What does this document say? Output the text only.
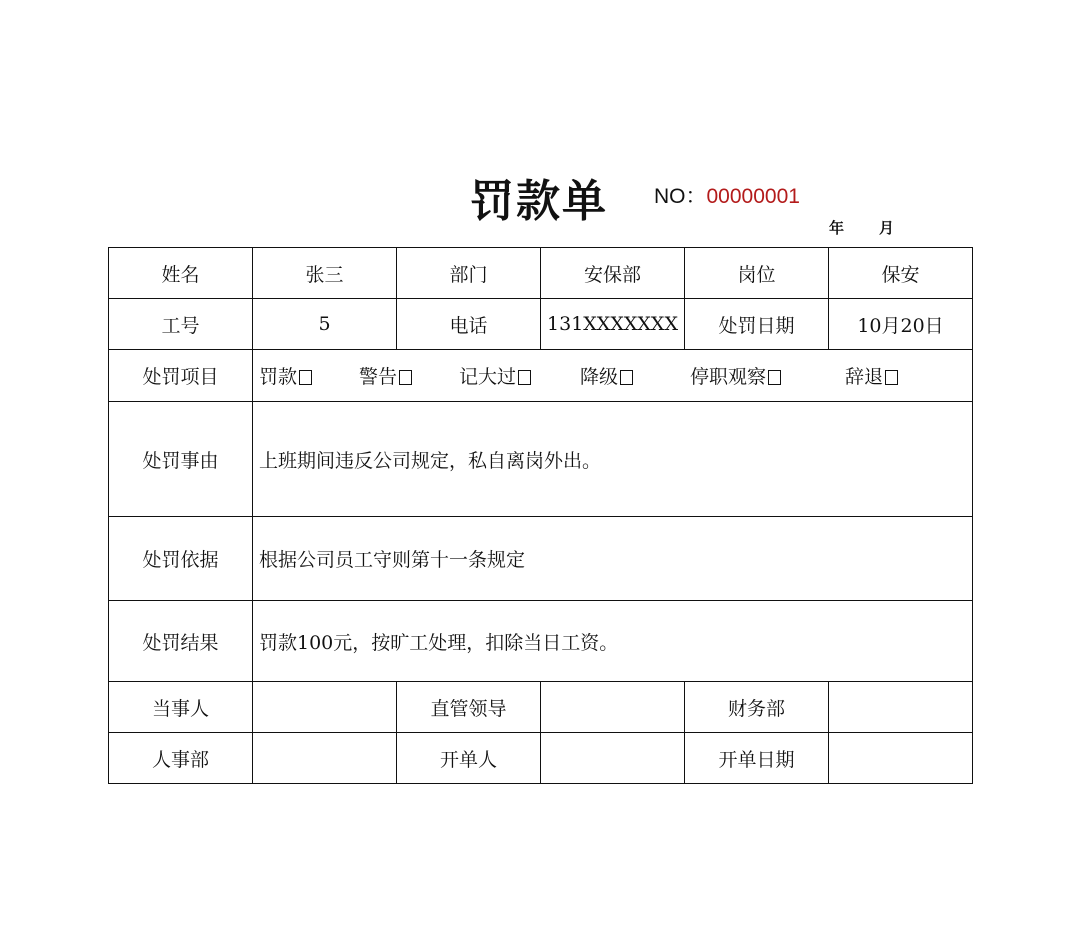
罚款单 NO：00000001
年 月
姓名	张三	部门	安保部	岗位	保安
工号	5	电话	131XXXXXXX	处罚日期	10月20日
处罚项目	罚款 警告 记大过 降级 停职观察 辞退				
处罚事由	上班期间违反公司规定，私自离岗外出。				
处罚依据	根据公司员工守则第十一条规定				
处罚结果	罚款100元，按旷工处理，扣除当日工资。				
当事人		直管领导		财务部	
人事部		开单人		开单日期	
